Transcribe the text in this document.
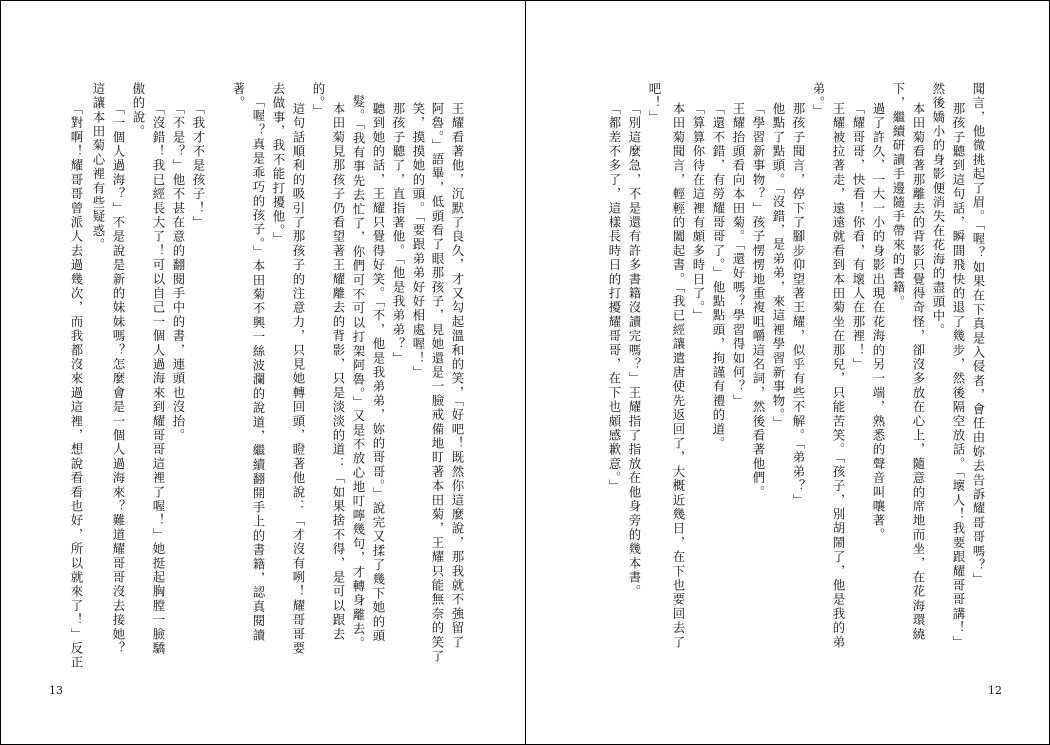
王耀看著他，沉默了良久，才又勾起溫和的笑，「好吧！既然你這麼說，那我就不強留了
阿魯。」語畢，低頭看了眼那孩子，見她還是一臉戒備地盯著本田菊，王耀只能無奈的笑了
笑，摸摸她的頭。「要跟弟弟好好相處喔！」
那孩子聽了，直指著他。「他是我弟弟？」
聽到她的話，王耀只覺得好笑。「不，他是我弟弟，妳的哥哥。」說完又揉了幾下她的頭
髮。「我有事先去忙了，你們可不可以打架阿魯。」又是不放心地叮嚀幾句，才轉身離去。
本田菊見那孩子仍看望著王耀離去的背影，只是淡淡的道：「如果捨不得，是可以跟去
的。」
這句話順利的吸引了那孩子的注意力，只見她轉回頭，瞪著他說：「才沒有咧！耀哥哥要
去做事，我不能打擾他。」
「喔？真是乖巧的孩子。」本田菊不興一絲波瀾的說道，繼續翻開手上的書籍，認真閱讀
著。
「我才不是孩子！」
「不是？」他不甚在意的翻閱手中的書，連頭也沒抬。
「沒錯！我已經長大了！可以自己一個人過海來到耀哥哥這裡了喔！」她挺起胸膛一臉驕
傲的說。
「一個人過海？」不是說是新的妹妹嗎？怎麼會是一個人過海來？難道耀哥哥沒去接她？
這讓本田菊心裡有些疑惑。
「對啊！耀哥哥曾派人去過幾次，而我都沒來過這裡，想說看看也好，所以就來了！」反正
13
聞言，他微挑起了眉。「喔？如果在下真是入侵者，會任由妳去告訴耀哥哥嗎？」
那孩子聽到這句話，瞬間飛快的退了幾步，然後隔空放話。「壞人！我要跟耀哥哥講！」
然後嬌小的身影便消失在花海的盡頭中。
本田菊看著那離去的背影只覺得奇怪，卻沒多放在心上，隨意的席地而坐，在花海環繞
下，繼續研讀手邊隨手帶來的書籍。
過了許久，一大一小的身影出現在花海的另一端，熟悉的聲音叫嚷著。
「耀哥哥，快看！你看，有壞人在那裡！」
王耀被拉著走，遠遠就看到本田菊坐在那兒，只能苦笑。「孩子，別胡鬧了，他是我的弟
弟。」
那孩子聞言，停下了腳步仰望著王耀，似乎有些不解。「弟弟？」
他點了點頭。「沒錯，是弟弟，來這裡學習新事物。」
「學習新事物？」孩子愣愣地重複咀嚼這名詞，然後看著他們。
王耀抬頭看向本田菊。「還好嗎？學習得如何？」
「還不錯，有勞耀哥哥了。」他點點頭，拘謹有禮的道。
「算算你待在這裡有頗多時日了。」
本田菊聞言，輕輕的闔起書。「我已經讓遣唐使先返回了，大概近幾日，在下也要回去了
吧！」
「別這麼急，不是還有許多書籍沒讀完嗎？」王耀指了指放在他身旁的幾本書。
「都差不多了，這樣長時日的打擾耀哥哥，在下也頗感歉意。」
12
